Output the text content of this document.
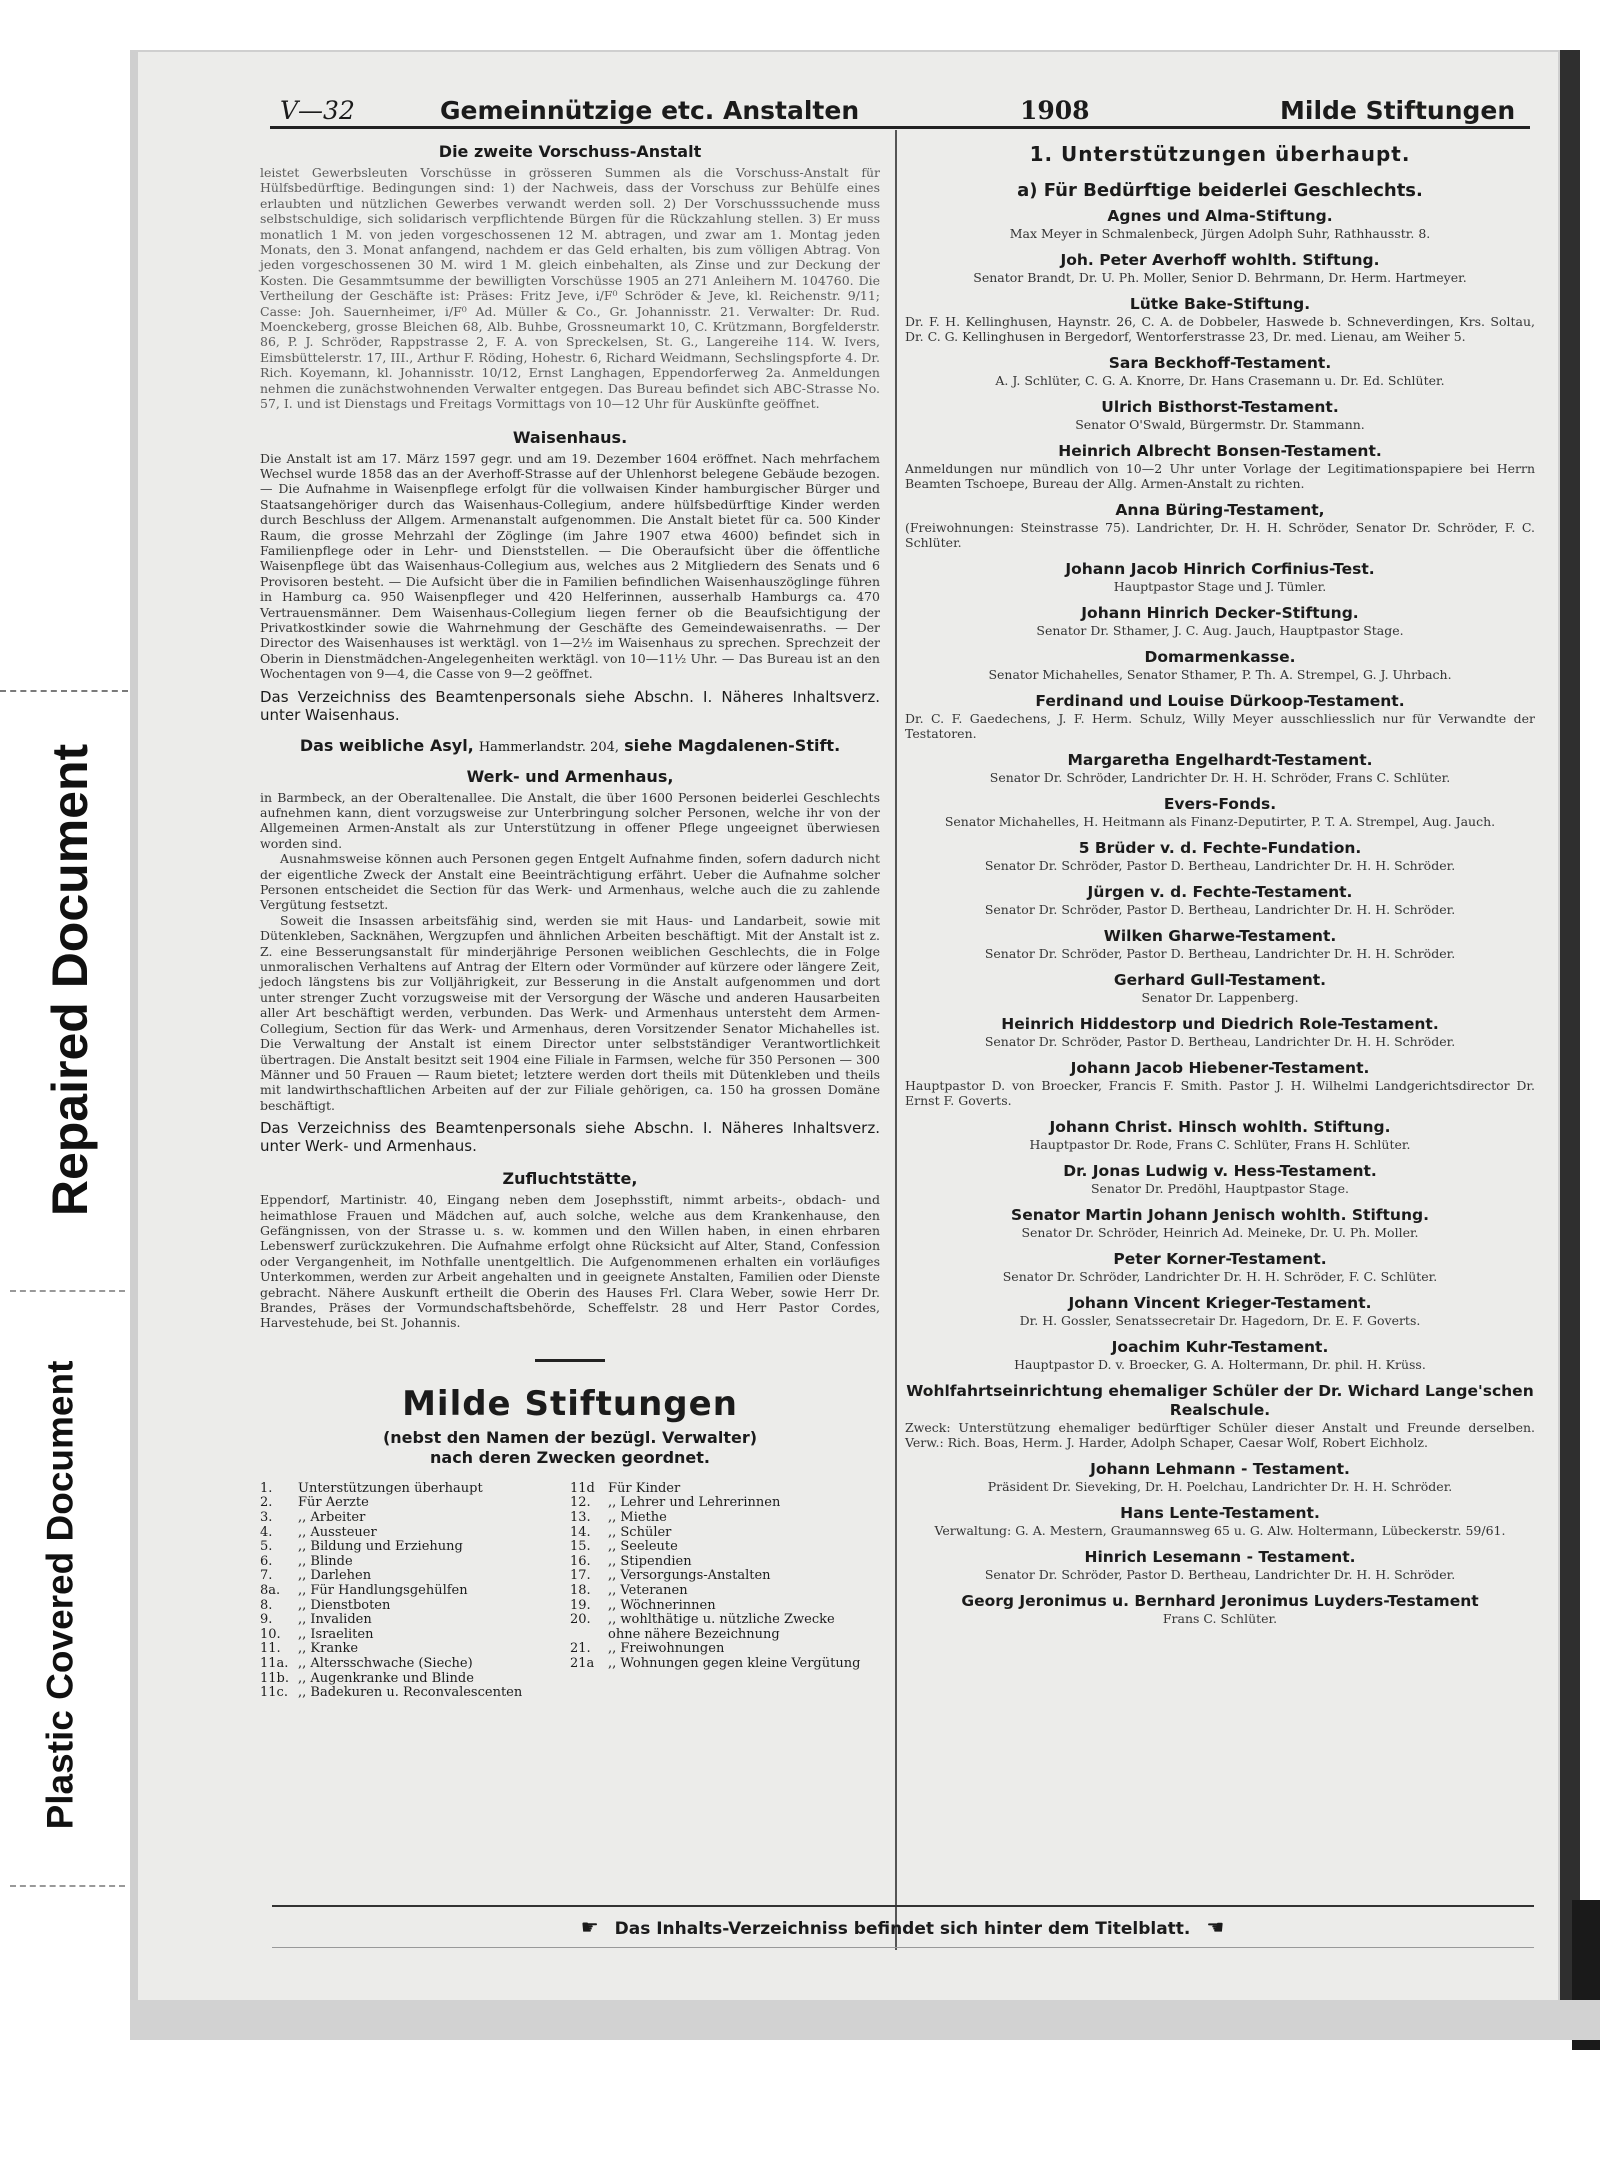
Repaired Document
Plastic Covered Document
V—32	Gemeinnützige etc. Anstalten	1908	Milde Stiftungen

Die zweite Vorschuss-Anstalt

leistet Gewerbsleuten Vorschüsse in grösseren Summen als die Vorschuss-Anstalt für Hülfsbedürftige. Bedingungen sind: 1) der Nachweis, dass der Vorschuss zur Behülfe eines erlaubten und nützlichen Gewerbes verwandt werden soll. 2) Der Vorschusssuchende muss selbstschuldige, sich solidarisch verpflichtende Bürgen für die Rückzahlung stellen. 3) Er muss monatlich 1 M. von jeden vorgeschossenen 12 M. abtragen, und zwar am 1. Montag jeden Monats, den 3. Monat anfangend, nachdem er das Geld erhalten, bis zum völligen Abtrag. Von jeden vorgeschossenen 30 M. wird 1 M. gleich einbehalten, als Zinse und zur Deckung der Kosten. Die Gesammtsumme der bewilligten Vorschüsse 1905 an 271 Anleihern M. 104760. Die Vertheilung der Geschäfte ist: Präses: Fritz Jeve, i/F⁰ Schröder & Jeve, kl. Reichenstr. 9/11; Casse: Joh. Sauernheimer, i/F⁰ Ad. Müller & Co., Gr. Johannisstr. 21. Verwalter: Dr. Rud. Moenckeberg, grosse Bleichen 68, Alb. Buhbe, Grossneumarkt 10, C. Krützmann, Borgfelderstr. 86, P. J. Schröder, Rappstrasse 2, F. A. von Spreckelsen, St. G., Langereihe 114. W. Ivers, Eimsbüttelerstr. 17, III., Arthur F. Röding, Hohestr. 6, Richard Weidmann, Sechslingspforte 4. Dr. Rich. Koyemann, kl. Johannisstr. 10/12, Ernst Langhagen, Eppendorferweg 2a. Anmeldungen nehmen die zunächstwohnenden Verwalter entgegen. Das Bureau befindet sich ABC-Strasse No. 57, I. und ist Dienstags und Freitags Vormittags von 10—12 Uhr für Auskünfte geöffnet.

Waisenhaus.

Die Anstalt ist am 17. März 1597 gegr. und am 19. Dezember 1604 eröffnet. Nach mehrfachem Wechsel wurde 1858 das an der Averhoff-Strasse auf der Uhlenhorst belegene Gebäude bezogen. — Die Aufnahme in Waisenpflege erfolgt für die vollwaisen Kinder hamburgischer Bürger und Staatsangehöriger durch das Waisenhaus-Collegium, andere hülfsbedürftige Kinder werden durch Beschluss der Allgem. Armenanstalt aufgenommen. Die Anstalt bietet für ca. 500 Kinder Raum, die grosse Mehrzahl der Zöglinge (im Jahre 1907 etwa 4600) befindet sich in Familienpflege oder in Lehr- und Dienststellen. — Die Oberaufsicht über die öffentliche Waisenpflege übt das Waisenhaus-Collegium aus, welches aus 2 Mitgliedern des Senats und 6 Provisoren besteht. — Die Aufsicht über die in Familien befindlichen Waisenhauszöglinge führen in Hamburg ca. 950 Waisenpfleger und 420 Helferinnen, ausserhalb Hamburgs ca. 470 Vertrauensmänner. Dem Waisenhaus-Collegium liegen ferner ob die Beaufsichtigung der Privatkostkinder sowie die Wahrnehmung der Geschäfte des Gemeindewaisenraths. — Der Director des Waisenhauses ist werktägl. von 1—2½ im Waisenhaus zu sprechen. Sprechzeit der Oberin in Dienstmädchen-Angelegenheiten werktägl. von 10—11½ Uhr. — Das Bureau ist an den Wochentagen von 9—4, die Casse von 9—2 geöffnet.

Das Verzeichniss des Beamtenpersonals siehe Abschn. I. Näheres Inhaltsverz. unter Waisenhaus.

Das weibliche Asyl, Hammerlandstr. 204, siehe Magdalenen-Stift.

Werk- und Armenhaus,

in Barmbeck, an der Oberaltenallee. Die Anstalt, die über 1600 Personen beiderlei Geschlechts aufnehmen kann, dient vorzugsweise zur Unterbringung solcher Personen, welche ihr von der Allgemeinen Armen-Anstalt als zur Unterstützung in offener Pflege ungeeignet überwiesen worden sind.

Ausnahmsweise können auch Personen gegen Entgelt Aufnahme finden, sofern dadurch nicht der eigentliche Zweck der Anstalt eine Beeinträchtigung erfährt. Ueber die Aufnahme solcher Personen entscheidet die Section für das Werk- und Armenhaus, welche auch die zu zahlende Vergütung festsetzt.

Soweit die Insassen arbeitsfähig sind, werden sie mit Haus- und Landarbeit, sowie mit Dütenkleben, Sacknähen, Wergzupfen und ähnlichen Arbeiten beschäftigt. Mit der Anstalt ist z. Z. eine Besserungsanstalt für minderjährige Personen weiblichen Geschlechts, die in Folge unmoralischen Verhaltens auf Antrag der Eltern oder Vormünder auf kürzere oder längere Zeit, jedoch längstens bis zur Volljährigkeit, zur Besserung in die Anstalt aufgenommen und dort unter strenger Zucht vorzugsweise mit der Versorgung der Wäsche und anderen Hausarbeiten aller Art beschäftigt werden, verbunden. Das Werk- und Armenhaus untersteht dem Armen-Collegium, Section für das Werk- und Armenhaus, deren Vorsitzender Senator Michahelles ist. Die Verwaltung der Anstalt ist einem Director unter selbstständiger Verantwortlichkeit übertragen. Die Anstalt besitzt seit 1904 eine Filiale in Farmsen, welche für 350 Personen — 300 Männer und 50 Frauen — Raum bietet; letztere werden dort theils mit Dütenkleben und theils mit landwirthschaftlichen Arbeiten auf der zur Filiale gehörigen, ca. 150 ha grossen Domäne beschäftigt.

Das Verzeichniss des Beamtenpersonals siehe Abschn. I. Näheres Inhaltsverz. unter Werk- und Armenhaus.

Zufluchtstätte,

Eppendorf, Martinistr. 40, Eingang neben dem Josephsstift, nimmt arbeits-, obdach- und heimathlose Frauen und Mädchen auf, auch solche, welche aus dem Krankenhause, den Gefängnissen, von der Strasse u. s. w. kommen und den Willen haben, in einen ehrbaren Lebenswerf zurückzukehren. Die Aufnahme erfolgt ohne Rücksicht auf Alter, Stand, Confession oder Vergangenheit, im Nothfalle unentgeltlich. Die Aufgenommenen erhalten ein vorläufiges Unterkommen, werden zur Arbeit angehalten und in geeignete Anstalten, Familien oder Dienste gebracht. Nähere Auskunft ertheilt die Oberin des Hauses Frl. Clara Weber, sowie Herr Dr. Brandes, Präses der Vormundschaftsbehörde, Scheffelstr. 28 und Herr Pastor Cordes, Harvestehude, bei St. Johannis.

Milde Stiftungen

(nebst den Namen der bezügl. Verwalter)

nach deren Zwecken geordnet.

1.	Unterstützungen überhaupt
2.	Für Aerzte
3.	,, Arbeiter
4.	,, Aussteuer
5.	,, Bildung und Erziehung
6.	,, Blinde
7.	,, Darlehen
8a.	,, Für Handlungsgehülfen
8.	,, Dienstboten
9.	,, Invaliden
10.	,, Israeliten
11.	,, Kranke
11a. ,, Altersschwache (Sieche)
11b. ,, Augenkranke und Blinde
11c. ,, Badekuren u. Reconvalescenten
11d	Für Kinder
12.	,, Lehrer und Lehrerinnen
13.	,, Miethe
14.	,, Schüler
15.	,, Seeleute
16.	,, Stipendien
17.	,, Versorgungs-Anstalten
18.	,, Veteranen
19.	,, Wöchnerinnen
20.	,, wohlthätige u. nützliche Zwecke
ohne nähere Bezeichnung
21.	,, Freiwohnungen
21a	,, Wohnungen gegen kleine Vergütung

1. Unterstützungen überhaupt.

a) Für Bedürftige beiderlei Geschlechts.

Agnes und Alma-Stiftung.
Max Meyer in Schmalenbeck, Jürgen Adolph Suhr, Rathhausstr. 8.
Joh. Peter Averhoff wohlth. Stiftung.
Senator Brandt, Dr. U. Ph. Moller, Senior D. Behrmann, Dr. Herm. Hartmeyer.
Lütke Bake-Stiftung.
Dr. F. H. Kellinghusen, Haynstr. 26, C. A. de Dobbeler, Haswede b. Schneverdingen, Krs. Soltau, Dr. C. G. Kellinghusen in Bergedorf, Wentorferstrasse 23, Dr. med. Lienau, am Weiher 5.
Sara Beckhoff-Testament.
A. J. Schlüter, C. G. A. Knorre, Dr. Hans Crasemann u. Dr. Ed. Schlüter.
Ulrich Bisthorst-Testament.
Senator O'Swald, Bürgermstr. Dr. Stammann.
Heinrich Albrecht Bonsen-Testament.
Anmeldungen nur mündlich von 10—2 Uhr unter Vorlage der Legitimationspapiere bei Herrn Beamten Tschoepe, Bureau der Allg. Armen-Anstalt zu richten.
Anna Büring-Testament,
(Freiwohnungen: Steinstrasse 75). Landrichter, Dr. H. H. Schröder, Senator Dr. Schröder, F. C. Schlüter.
Johann Jacob Hinrich Corfinius-Test.
Hauptpastor Stage und J. Tümler.
Johann Hinrich Decker-Stiftung.
Senator Dr. Sthamer, J. C. Aug. Jauch, Hauptpastor Stage.
Domarmenkasse.
Senator Michahelles, Senator Sthamer, P. Th. A. Strempel, G. J. Uhrbach.
Ferdinand und Louise Dürkoop-Testament.
Dr. C. F. Gaedechens, J. F. Herm. Schulz, Willy Meyer ausschliesslich nur für Verwandte der Testatoren.
Margaretha Engelhardt-Testament.
Senator Dr. Schröder, Landrichter Dr. H. H. Schröder, Frans C. Schlüter.
Evers-Fonds.
Senator Michahelles, H. Heitmann als Finanz-Deputirter, P. T. A. Strempel, Aug. Jauch.
5 Brüder v. d. Fechte-Fundation.
Senator Dr. Schröder, Pastor D. Bertheau, Landrichter Dr. H. H. Schröder.
Jürgen v. d. Fechte-Testament.
Senator Dr. Schröder, Pastor D. Bertheau, Landrichter Dr. H. H. Schröder.
Wilken Gharwe-Testament.
Senator Dr. Schröder, Pastor D. Bertheau, Landrichter Dr. H. H. Schröder.
Gerhard Gull-Testament.
Senator Dr. Lappenberg.
Heinrich Hiddestorp und Diedrich Role-Testament.
Senator Dr. Schröder, Pastor D. Bertheau, Landrichter Dr. H. H. Schröder.
Johann Jacob Hiebener-Testament.
Hauptpastor D. von Broecker, Francis F. Smith. Pastor J. H. Wilhelmi Landgerichtsdirector Dr. Ernst F. Goverts.
Johann Christ. Hinsch wohlth. Stiftung.
Hauptpastor Dr. Rode, Frans C. Schlüter, Frans H. Schlüter.
Dr. Jonas Ludwig v. Hess-Testament.
Senator Dr. Predöhl, Hauptpastor Stage.
Senator Martin Johann Jenisch wohlth. Stiftung.
Senator Dr. Schröder, Heinrich Ad. Meineke, Dr. U. Ph. Moller.
Peter Korner-Testament.
Senator Dr. Schröder, Landrichter Dr. H. H. Schröder, F. C. Schlüter.
Johann Vincent Krieger-Testament.
Dr. H. Gossler, Senatssecretair Dr. Hagedorn, Dr. E. F. Goverts.
Joachim Kuhr-Testament.
Hauptpastor D. v. Broecker, G. A. Holtermann, Dr. phil. H. Krüss.
Wohlfahrtseinrichtung ehemaliger Schüler der Dr. Wichard Lange'schen Realschule.
Zweck: Unterstützung ehemaliger bedürftiger Schüler dieser Anstalt und Freunde derselben. Verw.: Rich. Boas, Herm. J. Harder, Adolph Schaper, Caesar Wolf, Robert Eichholz.
Johann Lehmann - Testament.
Präsident Dr. Sieveking, Dr. H. Poelchau, Landrichter Dr. H. H. Schröder.
Hans Lente-Testament.
Verwaltung: G. A. Mestern, Graumannsweg 65 u. G. Alw. Holtermann, Lübeckerstr. 59/61.
Hinrich Lesemann - Testament.
Senator Dr. Schröder, Pastor D. Bertheau, Landrichter Dr. H. H. Schröder.
Georg Jeronimus u. Bernhard Jeronimus Luyders-Testament
Frans C. Schlüter.
☛ Das Inhalts-Verzeichniss befindet sich hinter dem Titelblatt. ☚
